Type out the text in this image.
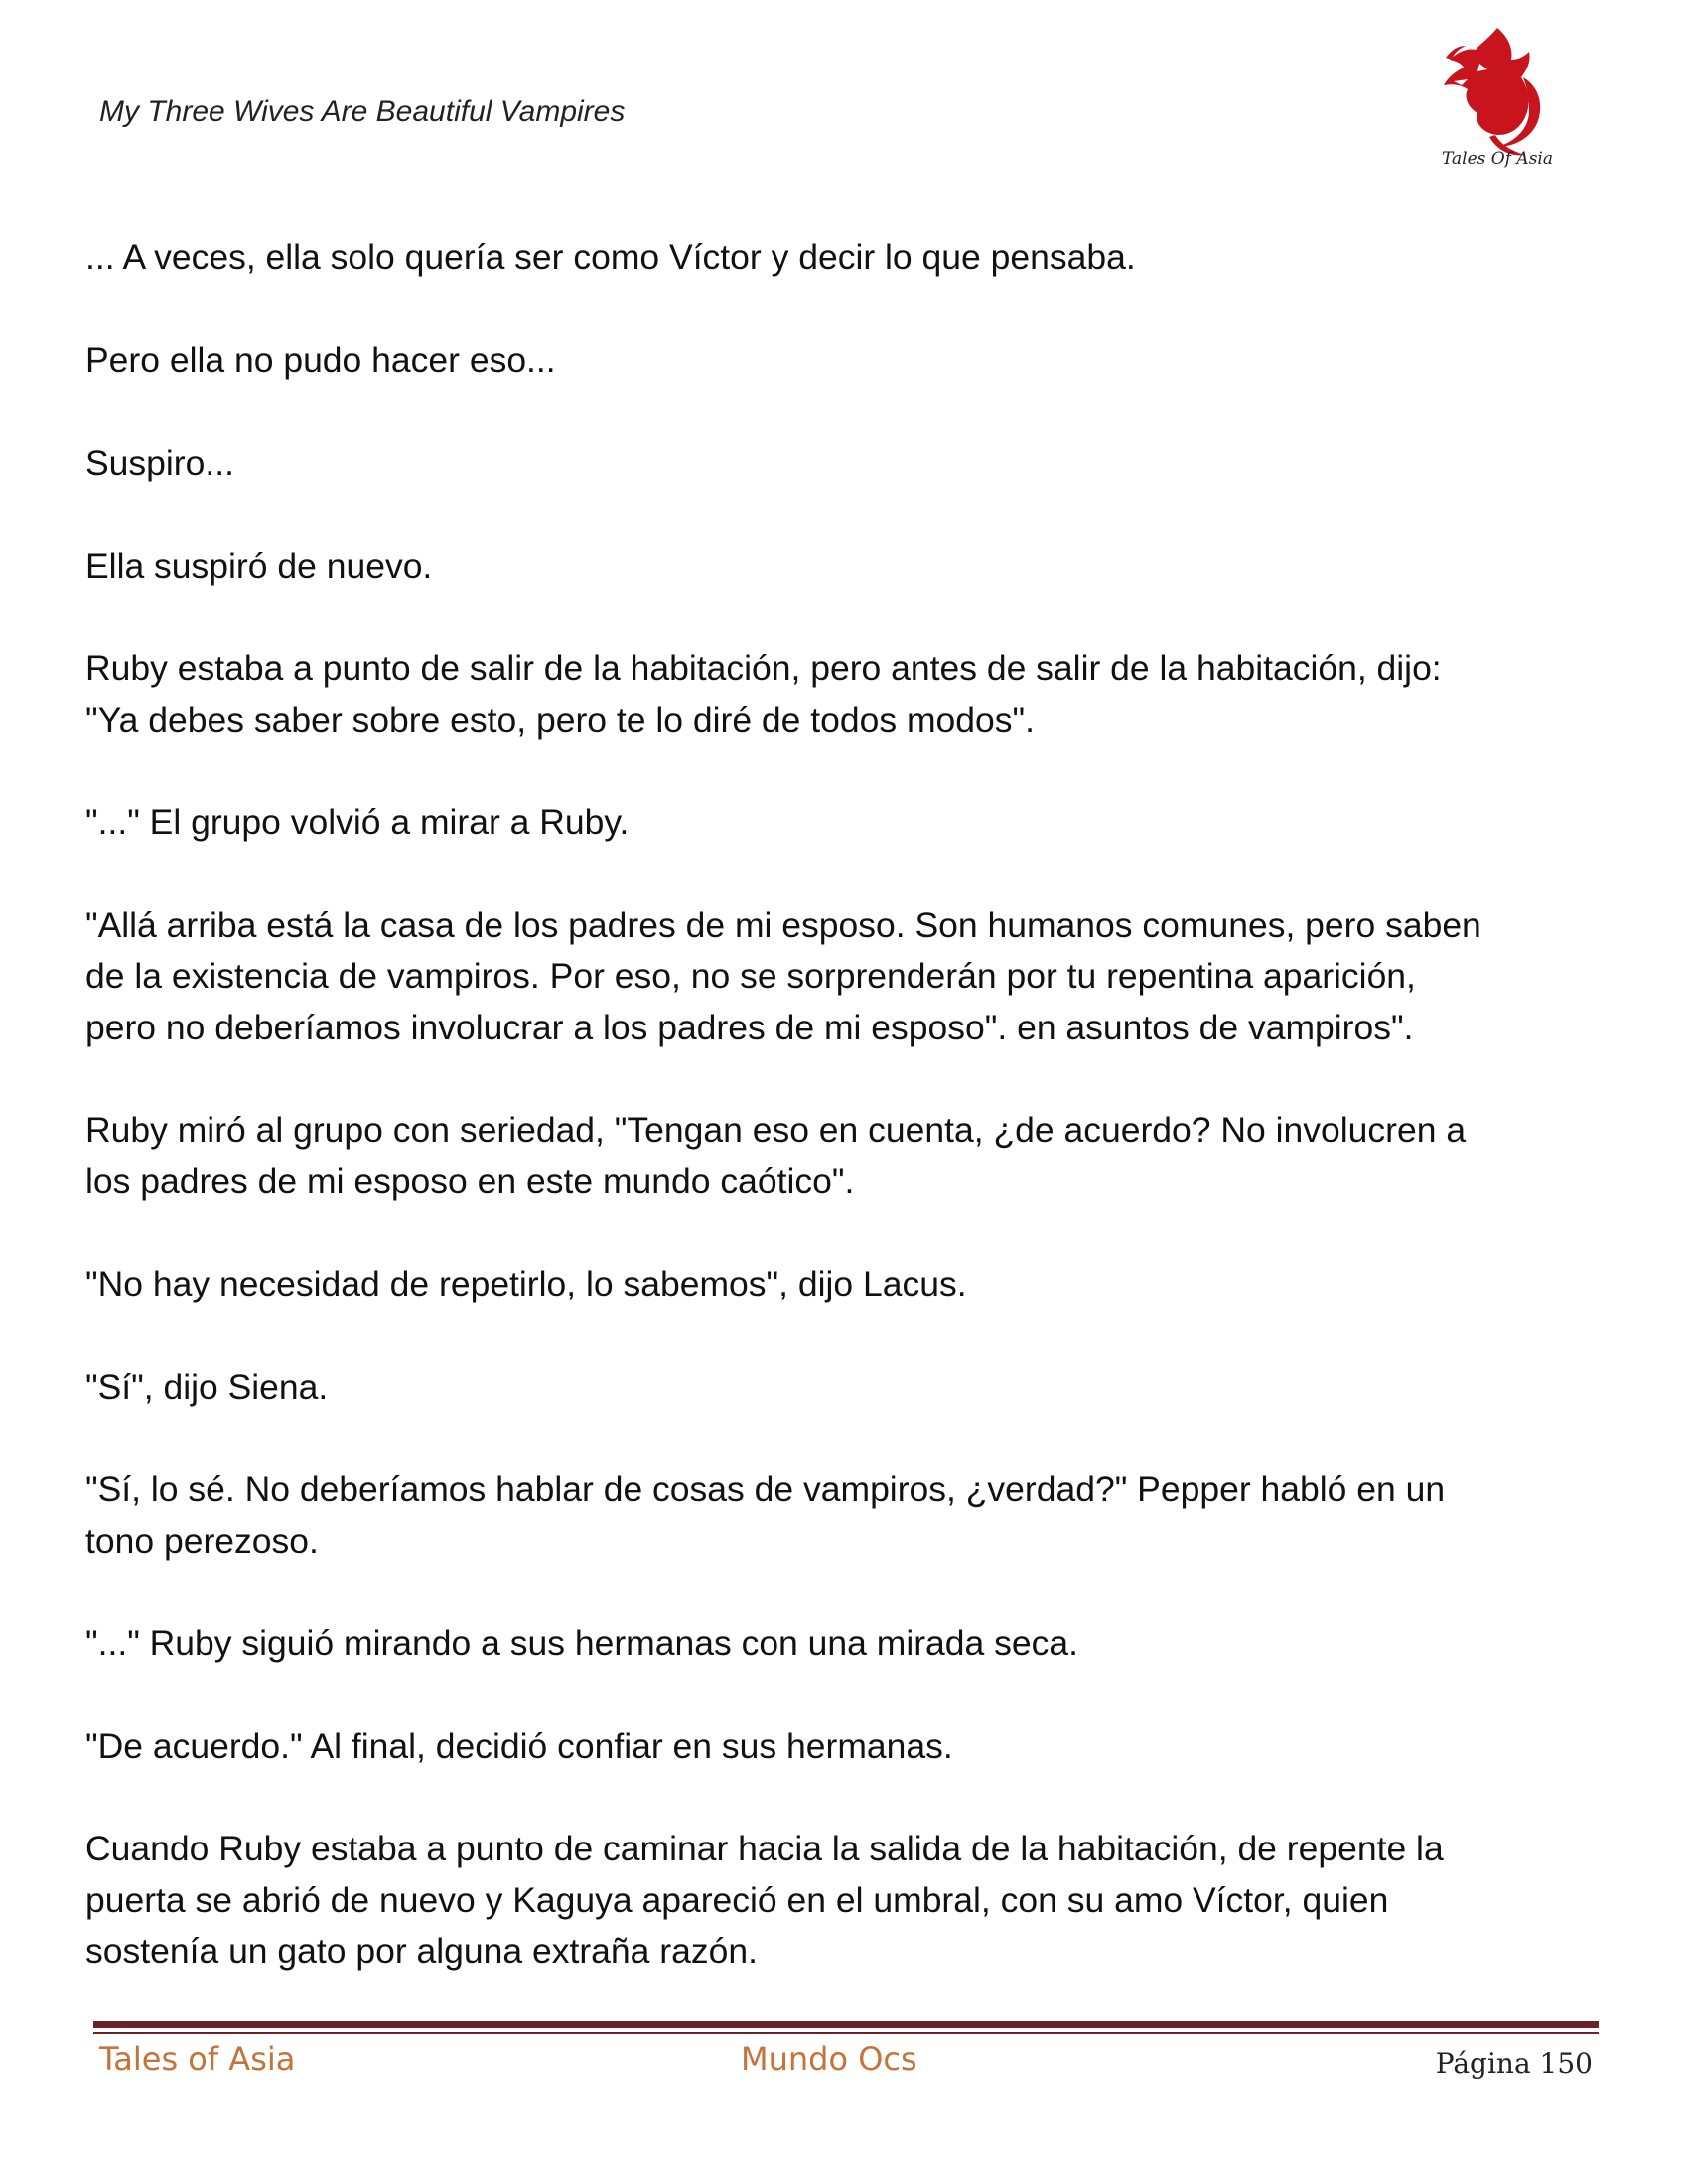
My Three Wives Are Beautiful Vampires
Tales Of Asia

... A veces, ella solo quería ser como Víctor y decir lo que pensaba.

Pero ella no pudo hacer eso...

Suspiro...

Ella suspiró de nuevo.

Ruby estaba a punto de salir de la habitación, pero antes de salir de la habitación, dijo:
"Ya debes saber sobre esto, pero te lo diré de todos modos".

"..." El grupo volvió a mirar a Ruby.

"Allá arriba está la casa de los padres de mi esposo. Son humanos comunes, pero saben
de la existencia de vampiros. Por eso, no se sorprenderán por tu repentina aparición,
pero no deberíamos involucrar a los padres de mi esposo". en asuntos de vampiros".

Ruby miró al grupo con seriedad, "Tengan eso en cuenta, ¿de acuerdo? No involucren a
los padres de mi esposo en este mundo caótico".

"No hay necesidad de repetirlo, lo sabemos", dijo Lacus.

"Sí", dijo Siena.

"Sí, lo sé. No deberíamos hablar de cosas de vampiros, ¿verdad?" Pepper habló en un
tono perezoso.

"..." Ruby siguió mirando a sus hermanas con una mirada seca.

"De acuerdo." Al final, decidió confiar en sus hermanas.

Cuando Ruby estaba a punto de caminar hacia la salida de la habitación, de repente la
puerta se abrió de nuevo y Kaguya apareció en el umbral, con su amo Víctor, quien
sostenía un gato por alguna extraña razón.

Tales of Asia	Mundo Ocs	Página 150
